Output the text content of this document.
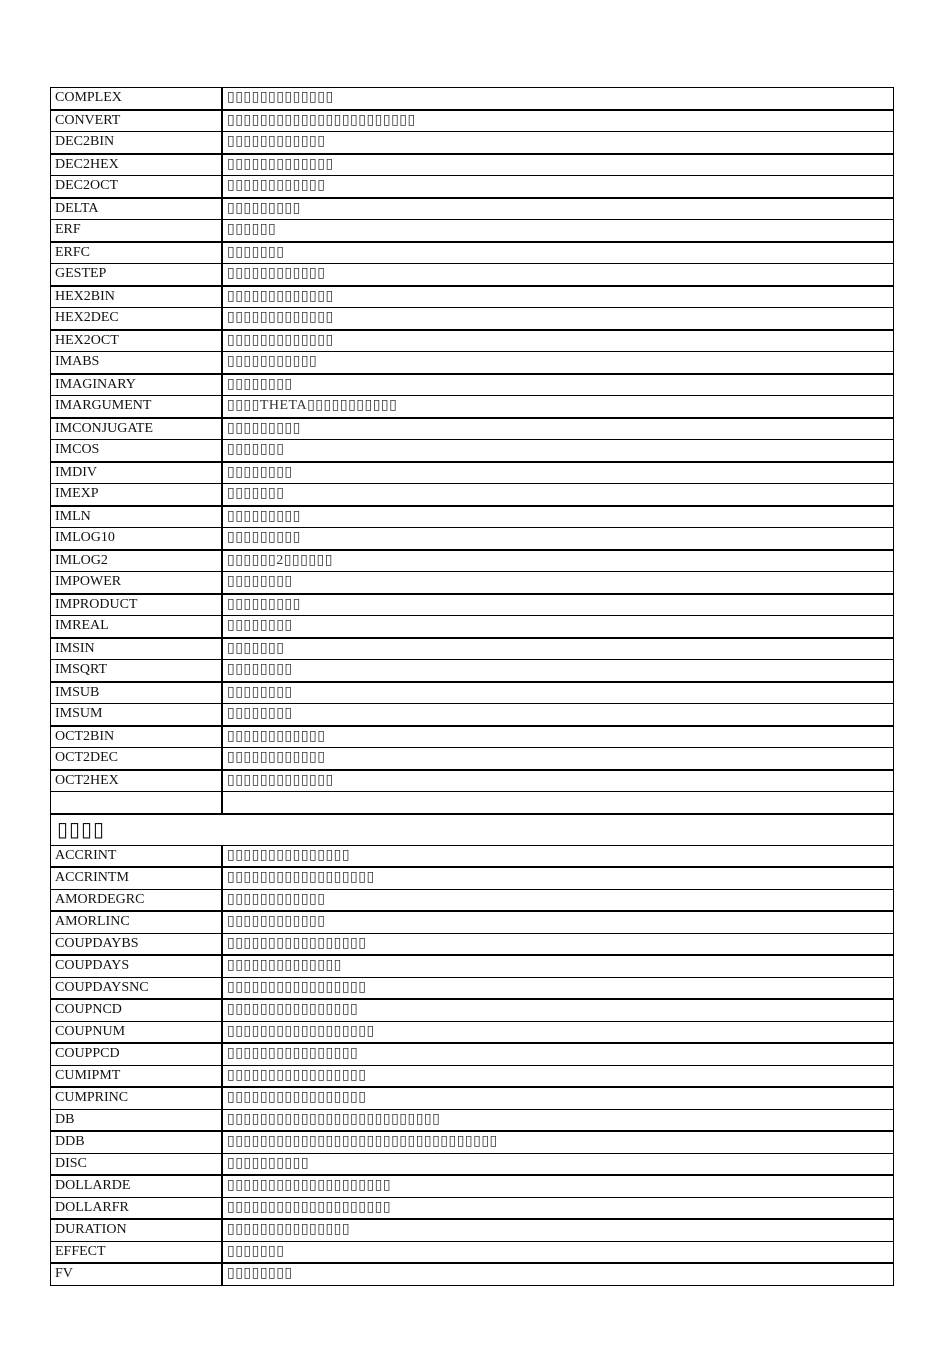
COMPLEX	▯▯▯▯▯▯▯▯▯▯▯▯▯
CONVERT	▯▯▯▯▯▯▯▯▯▯▯▯▯▯▯▯▯▯▯▯▯▯▯
DEC2BIN	▯▯▯▯▯▯▯▯▯▯▯▯
DEC2HEX	▯▯▯▯▯▯▯▯▯▯▯▯▯
DEC2OCT	▯▯▯▯▯▯▯▯▯▯▯▯
DELTA	▯▯▯▯▯▯▯▯▯
ERF	▯▯▯▯▯▯
ERFC	▯▯▯▯▯▯▯
GESTEP	▯▯▯▯▯▯▯▯▯▯▯▯
HEX2BIN	▯▯▯▯▯▯▯▯▯▯▯▯▯
HEX2DEC	▯▯▯▯▯▯▯▯▯▯▯▯▯
HEX2OCT	▯▯▯▯▯▯▯▯▯▯▯▯▯
IMABS	▯▯▯▯▯▯▯▯▯▯▯
IMAGINARY	▯▯▯▯▯▯▯▯
IMARGUMENT	▯▯▯▯THETA▯▯▯▯▯▯▯▯▯▯▯
IMCONJUGATE	▯▯▯▯▯▯▯▯▯
IMCOS	▯▯▯▯▯▯▯
IMDIV	▯▯▯▯▯▯▯▯
IMEXP	▯▯▯▯▯▯▯
IMLN	▯▯▯▯▯▯▯▯▯
IMLOG10	▯▯▯▯▯▯▯▯▯
IMLOG2	▯▯▯▯▯▯2▯▯▯▯▯▯
IMPOWER	▯▯▯▯▯▯▯▯
IMPRODUCT	▯▯▯▯▯▯▯▯▯
IMREAL	▯▯▯▯▯▯▯▯
IMSIN	▯▯▯▯▯▯▯
IMSQRT	▯▯▯▯▯▯▯▯
IMSUB	▯▯▯▯▯▯▯▯
IMSUM	▯▯▯▯▯▯▯▯
OCT2BIN	▯▯▯▯▯▯▯▯▯▯▯▯
OCT2DEC	▯▯▯▯▯▯▯▯▯▯▯▯
OCT2HEX	▯▯▯▯▯▯▯▯▯▯▯▯▯

▯▯▯▯	
ACCRINT	▯▯▯▯▯▯▯▯▯▯▯▯▯▯▯
ACCRINTM	▯▯▯▯▯▯▯▯▯▯▯▯▯▯▯▯▯▯
AMORDEGRC	▯▯▯▯▯▯▯▯▯▯▯▯
AMORLINC	▯▯▯▯▯▯▯▯▯▯▯▯
COUPDAYBS	▯▯▯▯▯▯▯▯▯▯▯▯▯▯▯▯▯
COUPDAYS	▯▯▯▯▯▯▯▯▯▯▯▯▯▯
COUPDAYSNC	▯▯▯▯▯▯▯▯▯▯▯▯▯▯▯▯▯
COUPNCD	▯▯▯▯▯▯▯▯▯▯▯▯▯▯▯▯
COUPNUM	▯▯▯▯▯▯▯▯▯▯▯▯▯▯▯▯▯▯
COUPPCD	▯▯▯▯▯▯▯▯▯▯▯▯▯▯▯▯
CUMIPMT	▯▯▯▯▯▯▯▯▯▯▯▯▯▯▯▯▯
CUMPRINC	▯▯▯▯▯▯▯▯▯▯▯▯▯▯▯▯▯
DB	▯▯▯▯▯▯▯▯▯▯▯▯▯▯▯▯▯▯▯▯▯▯▯▯▯▯
DDB	▯▯▯▯▯▯▯▯▯▯▯▯▯▯▯▯▯▯▯▯▯▯▯▯▯▯▯▯▯▯▯▯▯
DISC	▯▯▯▯▯▯▯▯▯▯
DOLLARDE	▯▯▯▯▯▯▯▯▯▯▯▯▯▯▯▯▯▯▯▯
DOLLARFR	▯▯▯▯▯▯▯▯▯▯▯▯▯▯▯▯▯▯▯▯
DURATION	▯▯▯▯▯▯▯▯▯▯▯▯▯▯▯
EFFECT	▯▯▯▯▯▯▯
FV	▯▯▯▯▯▯▯▯
